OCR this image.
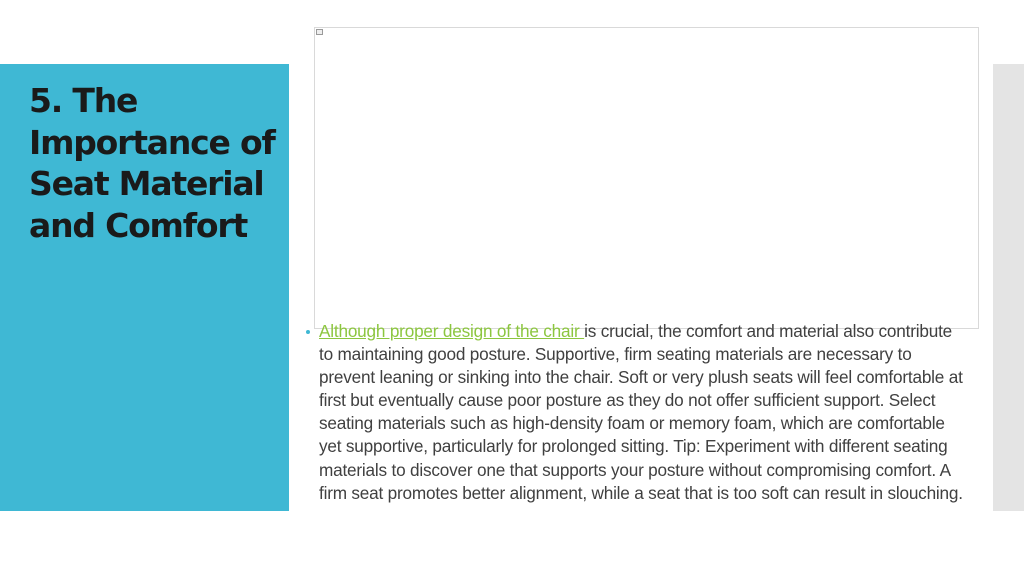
5. The Importance of Seat Material and Comfort

Although proper design of the chair is crucial, the comfort and material also contribute to maintaining good posture. Supportive, firm seating materials are necessary to prevent leaning or sinking into the chair. Soft or very plush seats will feel comfortable at first but eventually cause poor posture as they do not offer sufficient support. Select seating materials such as high-density foam or memory foam, which are comfortable yet supportive, particularly for prolonged sitting. Tip: Experiment with different seating materials to discover one that supports your posture without compromising comfort. A firm seat promotes better alignment, while a seat that is too soft can result in slouching.
